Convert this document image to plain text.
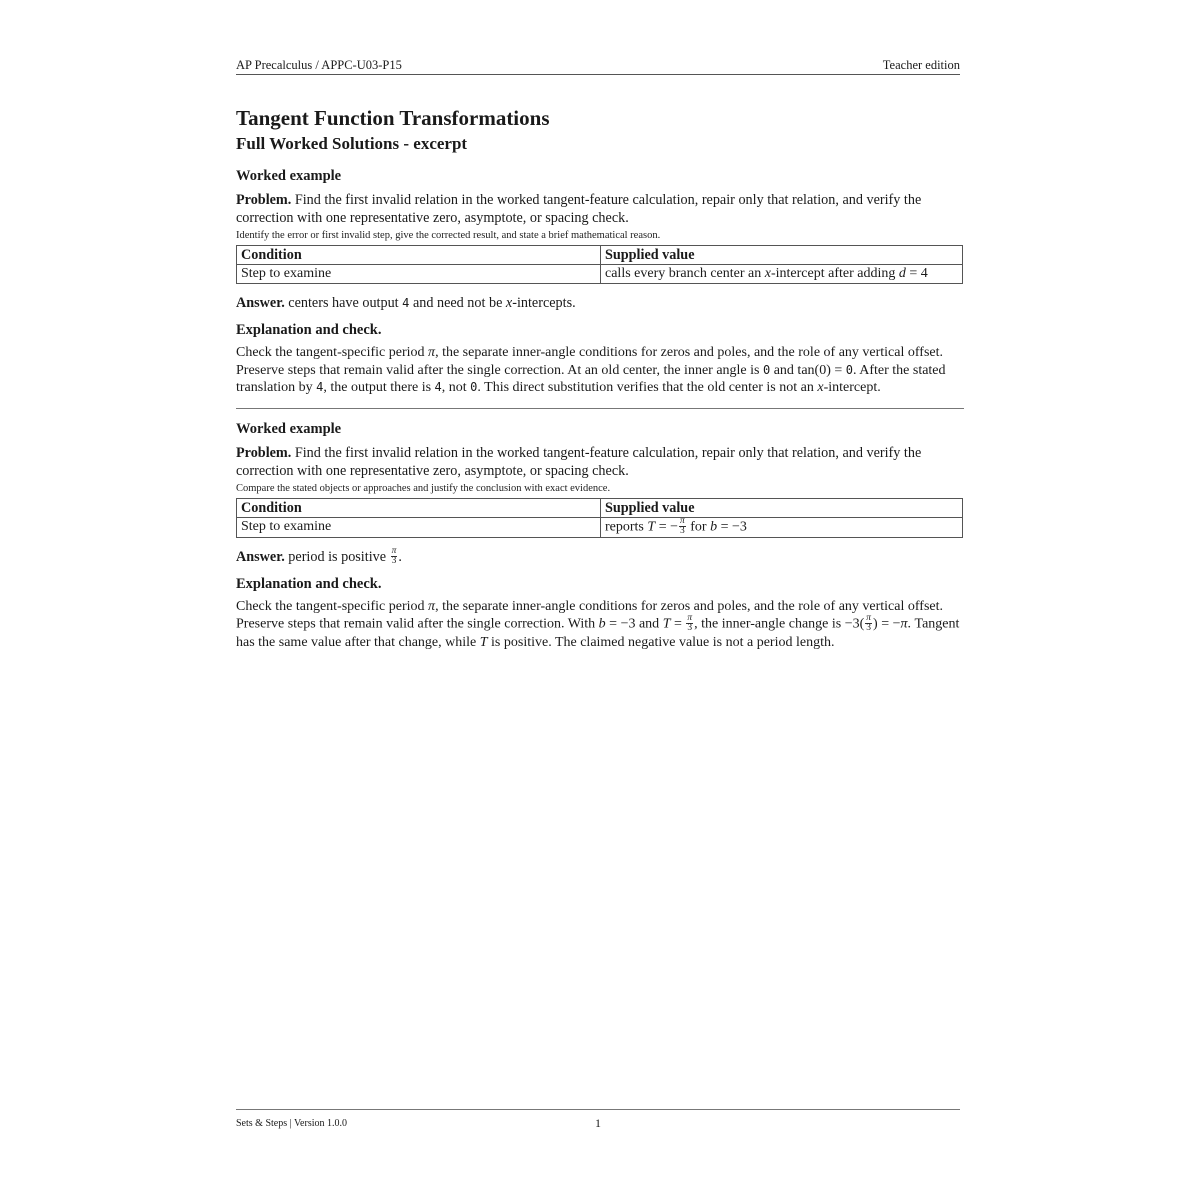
AP Precalculus / APPC-U03-P15	Teacher edition
Tangent Function Transformations
Full Worked Solutions - excerpt
Worked example
Problem. Find the first invalid relation in the worked tangent-feature calculation, repair only that relation, and verify the correction with one representative zero, asymptote, or spacing check.
Identify the error or first invalid step, give the corrected result, and state a brief mathematical reason.
Condition	Supplied value
Step to examine	calls every branch center an x-intercept after adding d = 4
Answer. centers have output 4 and need not be x-intercepts.
Explanation and check.
Check the tangent-specific period π, the separate inner-angle conditions for zeros and poles, and the role of any vertical offset. Preserve steps that remain valid after the single correction. At an old center, the inner angle is 0 and tan(0) = 0. After the stated translation by 4, the output there is 4, not 0. This direct substitution verifies that the old center is not an x-intercept.
Worked example
Problem. Find the first invalid relation in the worked tangent-feature calculation, repair only that relation, and verify the correction with one representative zero, asymptote, or spacing check.
Compare the stated objects or approaches and justify the conclusion with exact evidence.
Condition	Supplied value
Step to examine	reports T = − $\frac{\pi}{3}$ for b = −3
Answer. period is positive $\frac{\pi}{3}$ .
Explanation and check.
Check the tangent-specific period π, the separate inner-angle conditions for zeros and poles, and the role of any vertical offset. Preserve steps that remain valid after the single correction. With b = −3 and $T = \frac{\pi}{3}$ , the inner-angle change is $-3( \frac{\pi}{3}$ ) = −π. Tangent has the same value after that change, while T is positive. The claimed negative value is not a period length.
Sets & Steps | Version 1.0.0	1
